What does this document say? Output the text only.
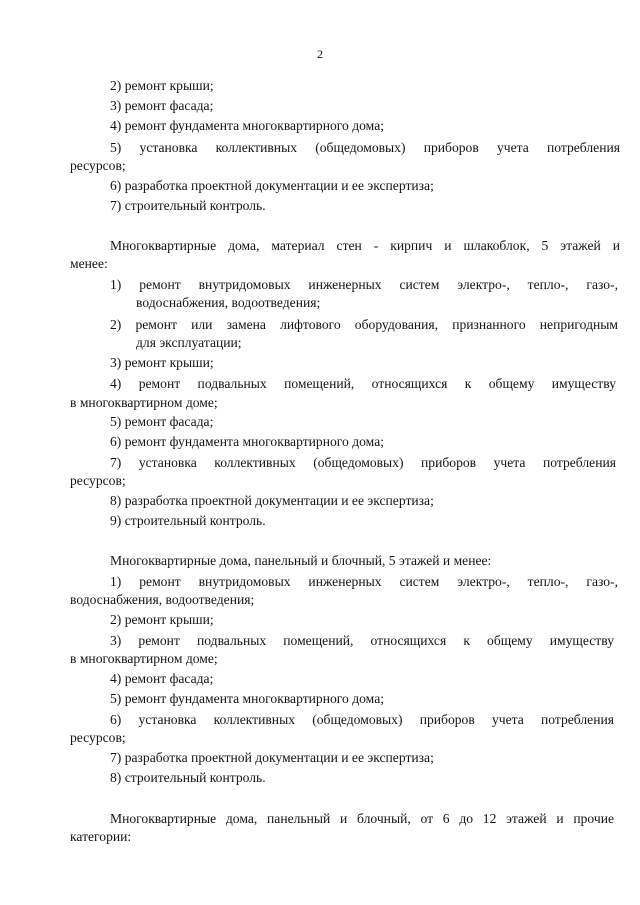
2
2) ремонт крыши;
3) ремонт фасада;
4) ремонт фундамента многоквартирного дома;
5) установка коллективных (общедомовых) приборов учета потребления
ресурсов;
6) разработка проектной документации и ее экспертиза;
7) строительный контроль.
Многоквартирные дома, материал стен - кирпич и шлакоблок, 5 этажей и
менее:
1) ремонт внутридомовых инженерных систем электро-, тепло-, газо-,
водоснабжения, водоотведения;
2) ремонт или замена лифтового оборудования, признанного непригодным
для эксплуатации;
3) ремонт крыши;
4) ремонт подвальных помещений, относящихся к общему имуществу
в многоквартирном доме;
5) ремонт фасада;
6) ремонт фундамента многоквартирного дома;
7) установка коллективных (общедомовых) приборов учета потребления
ресурсов;
8) разработка проектной документации и ее экспертиза;
9) строительный контроль.
Многоквартирные дома, панельный и блочный, 5 этажей и менее:
1) ремонт внутридомовых инженерных систем электро-, тепло-, газо-,
водоснабжения, водоотведения;
2) ремонт крыши;
3) ремонт подвальных помещений, относящихся к общему имуществу
в многоквартирном доме;
4) ремонт фасада;
5) ремонт фундамента многоквартирного дома;
6) установка коллективных (общедомовых) приборов учета потребления
ресурсов;
7) разработка проектной документации и ее экспертиза;
8) строительный контроль.
Многоквартирные дома, панельный и блочный, от 6 до 12 этажей и прочие
категории:
